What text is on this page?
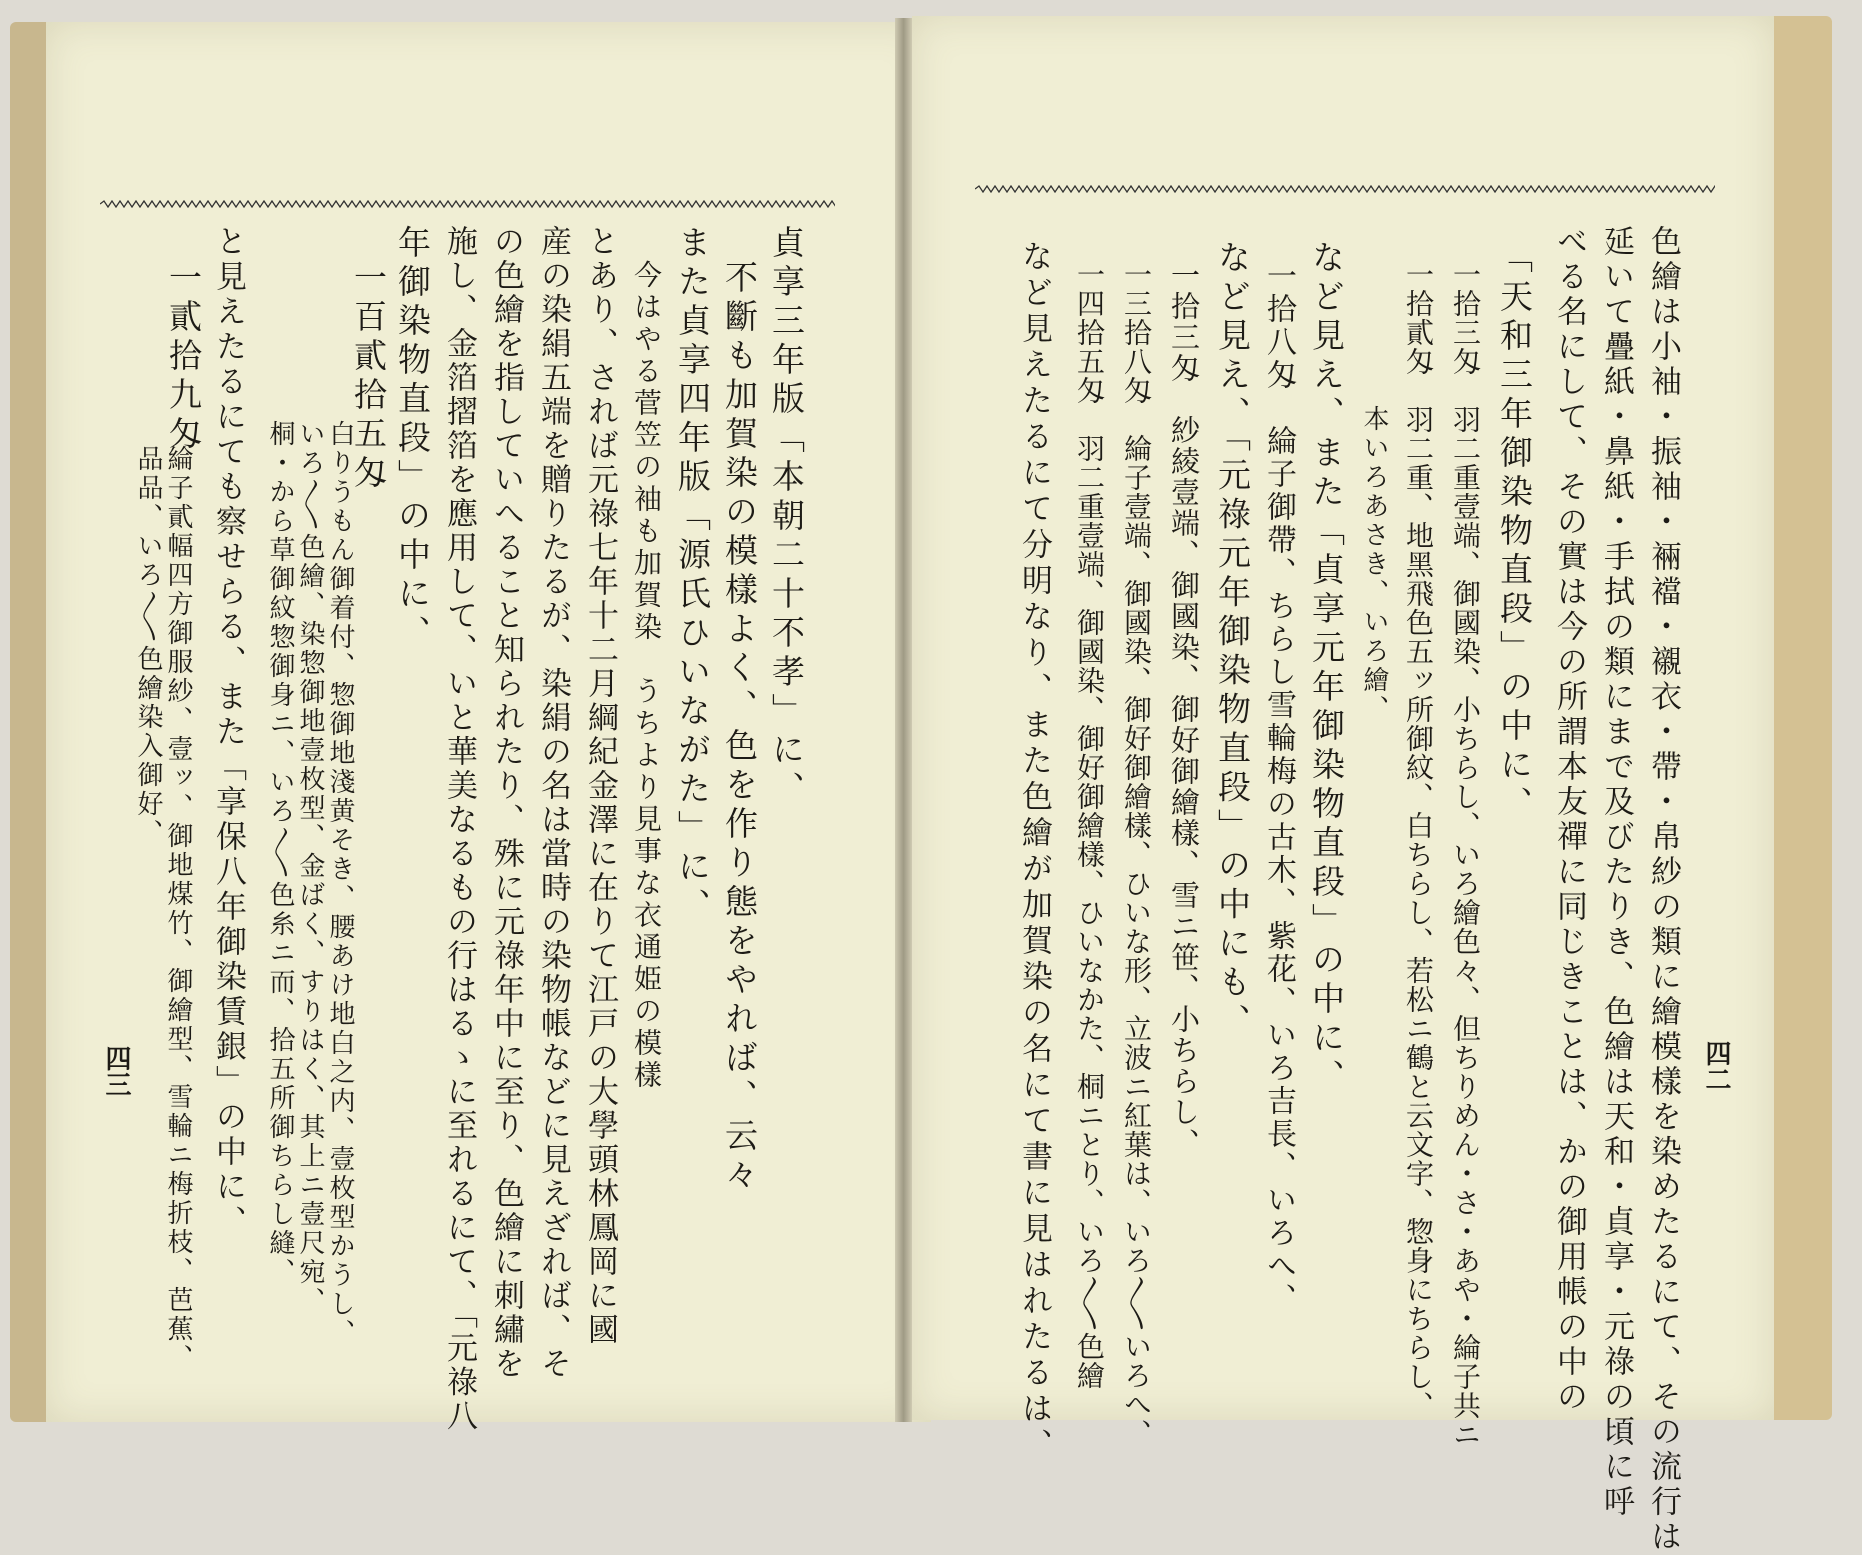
貞享三年版「本朝二十不孝」に、
不斷も加賀染の模樣よく、色を作り態をやれば、云々
また貞享四年版「源氏ひいながた」に、
今はやる菅笠の袖も加賀染　うちより見事な衣通姫の模樣
とあり、されば元祿七年十二月綱紀金澤に在りて江戸の大學頭林鳳岡に國
産の染絹五端を贈りたるが、染絹の名は當時の染物帳などに見えざれば、そ
の色繪を指していへること知られたり、殊に元祿年中に至り、色繪に刺繡を
施し、金箔摺箔を應用して、いと華美なるもの行はるゝに至れるにて、「元祿八
年御染物直段」の中に、
一百貳拾五匁
白りうもん御着付、惣御地淺黄そき、腰あけ地白之内、壹枚型かうし、
いろ〳〵色繪、染惣御地壹枚型、金ばく、すりはく、其上ニ壹尺宛、
桐・から草御紋惣御身ニ、いろ〳〵色糸ニ而、拾五所御ちらし縫、
と見えたるにても察せらる、また「享保八年御染賃銀」の中に、
一貳拾九匁
綸子貳幅四方御服紗、壹ッ、御地煤竹、御繪型、雪輪ニ梅折枝、芭蕉、
品品、いろ〳〵色繪染入御好、
四三	色繪は小袖・振袖・裲襠・襯衣・帶・帛紗の類に繪模樣を染めたるにて、その流行は
延いて疊紙・鼻紙・手拭の類にまで及びたりき、色繪は天和・貞享・元祿の頃に呼
べる名にして、その實は今の所謂本友禪に同じきことは、かの御用帳の中の
「天和三年御染物直段」の中に、
一拾三匁　羽二重壹端、御國染、小ちらし、いろ繪色々、但ちりめん・さ・あや・綸子共ニ
一拾貳匁　羽二重、地黑飛色五ッ所御紋、白ちらし、若松ニ鶴と云文字、惣身にちらし、
本いろあさき、いろ繪、
など見え、また「貞享元年御染物直段」の中に、
一拾八匁　綸子御帶、ちらし雪輪梅の古木、紫花、いろ吉長、いろへ、
など見え、「元祿元年御染物直段」の中にも、
一拾三匁　紗綾壹端、御國染、御好御繪樣、雪ニ笹、小ちらし、
一三拾八匁　綸子壹端、御國染、御好御繪樣、ひいな形、立波ニ紅葉は、いろ〳〵いろへ、
一四拾五匁　羽二重壹端、御國染、御好御繪樣、ひいなかた、桐ニとり、いろ〳〵色繪
など見えたるにて分明なり、また色繪が加賀染の名にて書に見はれたるは、	四二
